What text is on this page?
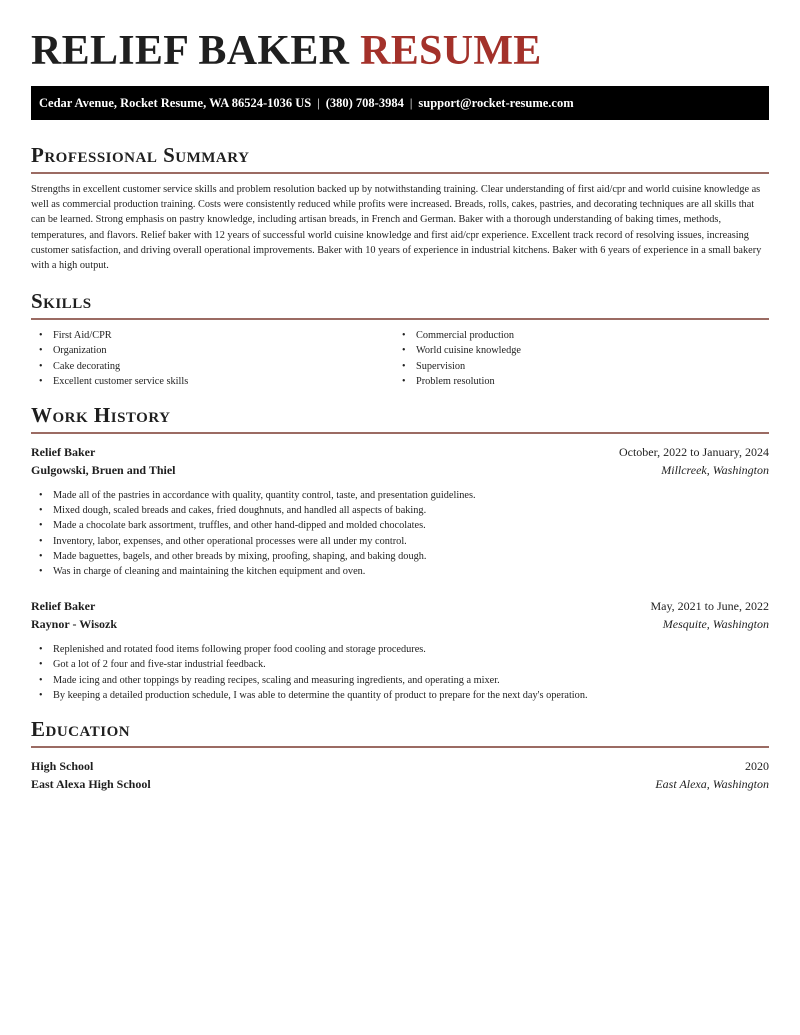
RELIEF BAKER RESUME
Cedar Avenue, Rocket Resume, WA 86524-1036 US | (380) 708-3984 | support@rocket-resume.com
Professional Summary

Strengths in excellent customer service skills and problem resolution backed up by notwithstanding training. Clear understanding of first aid/cpr and world cuisine knowledge as well as commercial production training. Costs were consistently reduced while profits were increased. Breads, rolls, cakes, pastries, and decorating techniques are all skills that can be learned. Strong emphasis on pastry knowledge, including artisan breads, in French and German. Baker with a thorough understanding of baking times, methods, temperatures, and flavors. Relief baker with 12 years of successful world cuisine knowledge and first aid/cpr experience. Excellent track record of resolving issues, increasing customer satisfaction, and driving overall operational improvements. Baker with 10 years of experience in industrial kitchens. Baker with 6 years of experience in a small bakery with a high output.

Skills
• First Aid/CPR
• Organization
• Cake decorating
• Excellent customer service skills
• Commercial production
• World cuisine knowledge
• Supervision
• Problem resolution
Work History
Relief Baker	October, 2022 to January, 2024
Gulgowski, Bruen and Thiel	Millcreek, Washington
• Made all of the pastries in accordance with quality, quantity control, taste, and presentation guidelines.
• Mixed dough, scaled breads and cakes, fried doughnuts, and handled all aspects of baking.
• Made a chocolate bark assortment, truffles, and other hand-dipped and molded chocolates.
• Inventory, labor, expenses, and other operational processes were all under my control.
• Made baguettes, bagels, and other breads by mixing, proofing, shaping, and baking dough.
• Was in charge of cleaning and maintaining the kitchen equipment and oven.
Relief Baker	May, 2021 to June, 2022
Raynor - Wisozk	Mesquite, Washington
• Replenished and rotated food items following proper food cooling and storage procedures.
• Got a lot of 2 four and five-star industrial feedback.
• Made icing and other toppings by reading recipes, scaling and measuring ingredients, and operating a mixer.
• By keeping a detailed production schedule, I was able to determine the quantity of product to prepare for the next day's operation.
Education
High School	2020
East Alexa High School	East Alexa, Washington
